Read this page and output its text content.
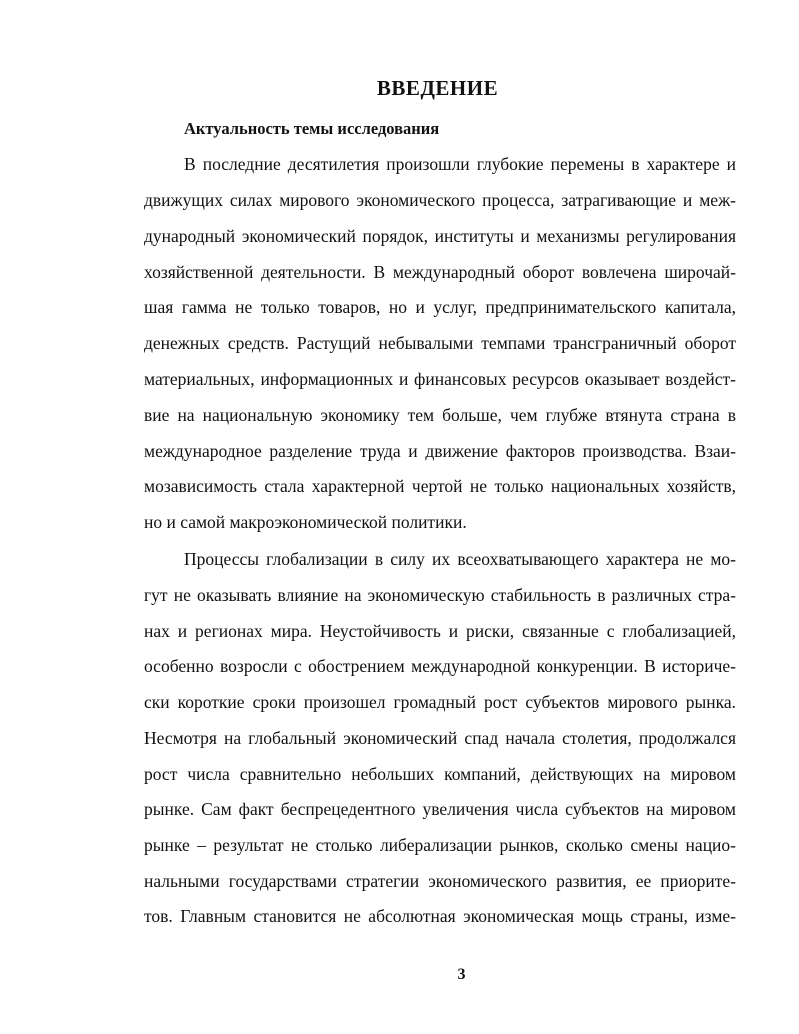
ВВЕДЕНИЕ
Актуальность темы исследования
В последние десятилетия произошли глубокие перемены в характере и
движущих силах мирового экономического процесса, затрагивающие и меж-
дународный экономический порядок, институты и механизмы регулирования
хозяйственной деятельности. В международный оборот вовлечена широчай-
шая гамма не только товаров, но и услуг, предпринимательского капитала,
денежных средств. Растущий небывалыми темпами трансграничный оборот
материальных, информационных и финансовых ресурсов оказывает воздейст-
вие на национальную экономику тем больше, чем глубже втянута страна в
международное разделение труда и движение факторов производства. Взаи-
мозависимость стала характерной чертой не только национальных хозяйств,
но и самой макроэкономической политики.
Процессы глобализации в силу их всеохватывающего характера не мо-
гут не оказывать влияние на экономическую стабильность в различных стра-
нах и регионах мира. Неустойчивость и риски, связанные с глобализацией,
особенно возросли с обострением международной конкуренции. В историче-
ски короткие сроки произошел громадный рост субъектов мирового рынка.
Несмотря на глобальный экономический спад начала столетия, продолжался
рост числа сравнительно небольших компаний, действующих на мировом
рынке. Сам факт беспрецедентного увеличения числа субъектов на мировом
рынке – результат не столько либерализации рынков, сколько смены нацио-
нальными государствами стратегии экономического развития, ее приорите-
тов. Главным становится не абсолютная экономическая мощь страны, изме-
3
